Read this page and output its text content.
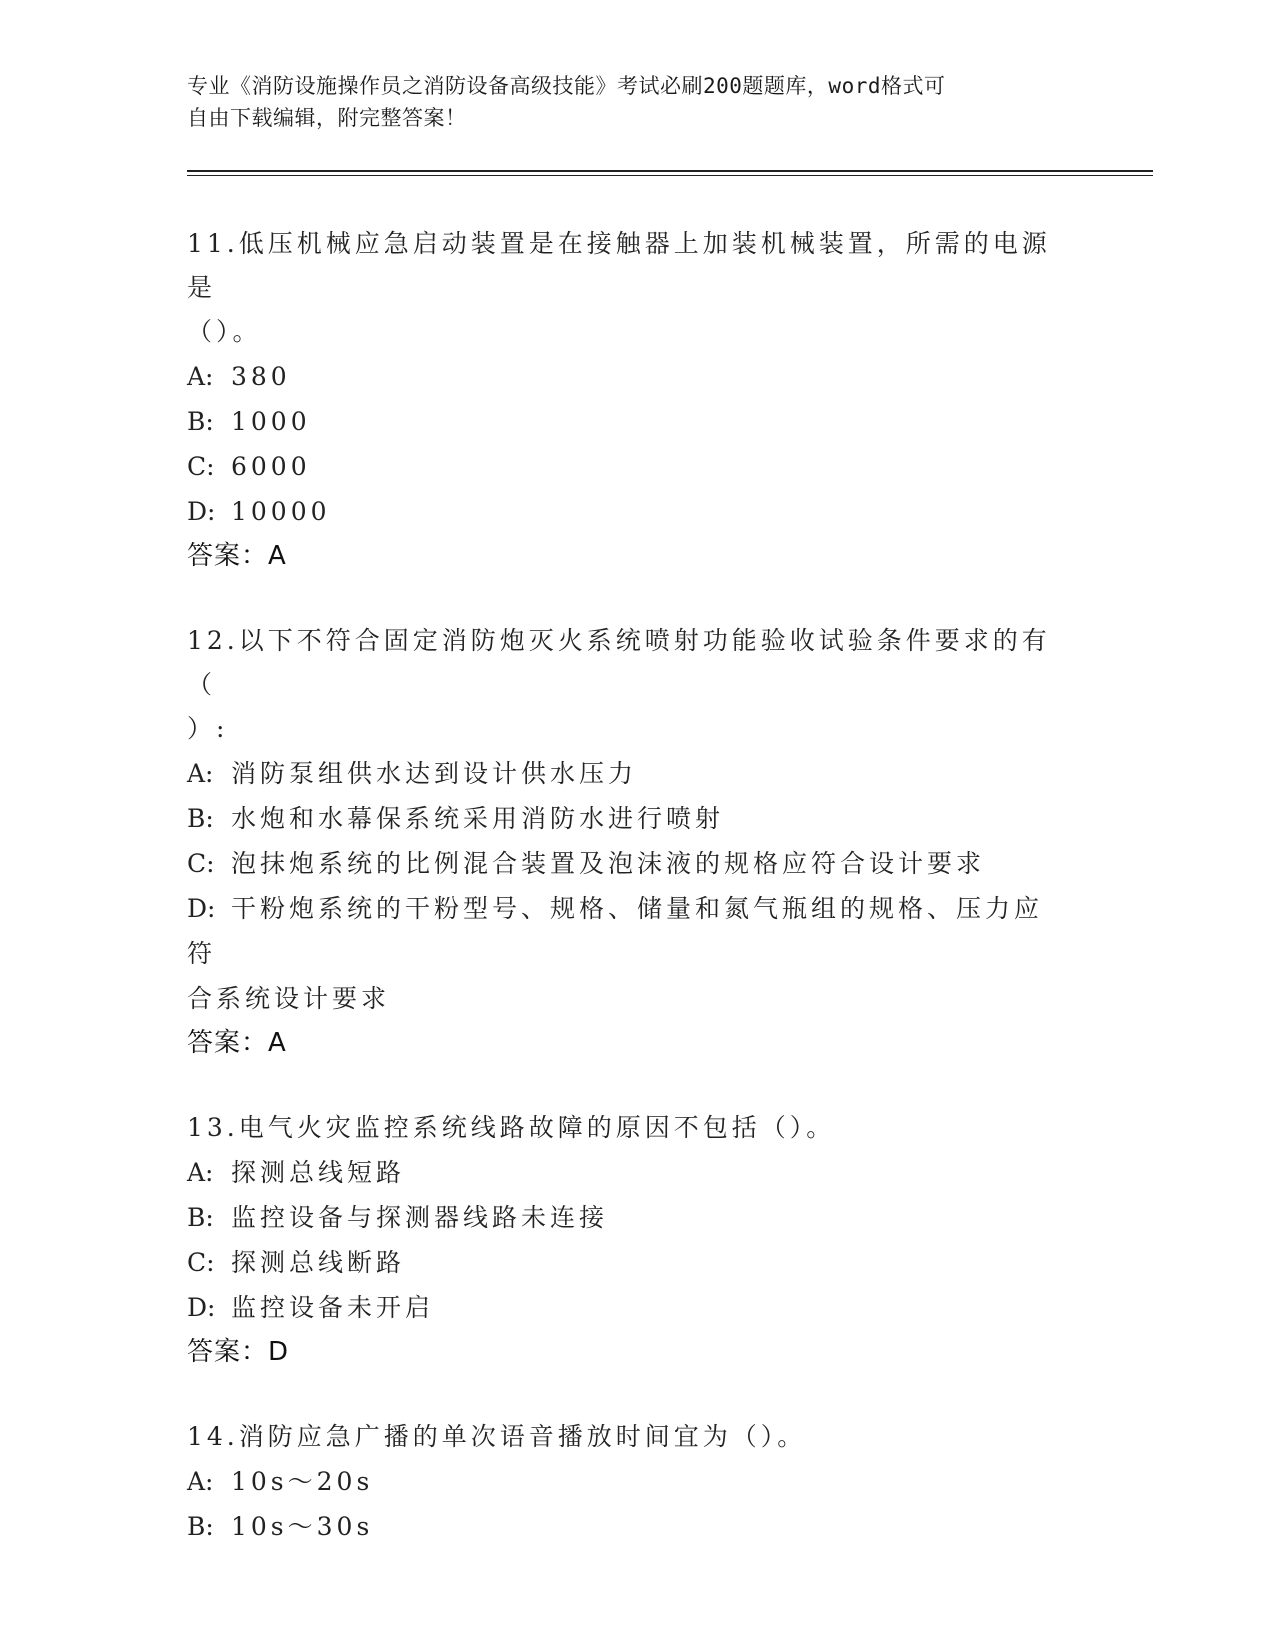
专业《消防设施操作员之消防设备高级技能》考试必刷200题题库，word格式可
自由下载编辑，附完整答案！
11.低压机械应急启动装置是在接触器上加装机械装置，所需的电源是
（）。
A: 380
B: 1000
C: 6000
D: 10000
答案：A
12.以下不符合固定消防炮灭火系统喷射功能验收试验条件要求的有（
）:
A: 消防泵组供水达到设计供水压力
B: 水炮和水幕保系统采用消防水进行喷射
C: 泡抹炮系统的比例混合装置及泡沫液的规格应符合设计要求
D: 干粉炮系统的干粉型号、规格、储量和氮气瓶组的规格、压力应符
合系统设计要求
答案：A
13.电气火灾监控系统线路故障的原因不包括（）。
A: 探测总线短路
B: 监控设备与探测器线路未连接
C: 探测总线断路
D: 监控设备未开启
答案：D
14.消防应急广播的单次语音播放时间宜为（）。
A: 10s～20s
B: 10s～30s
